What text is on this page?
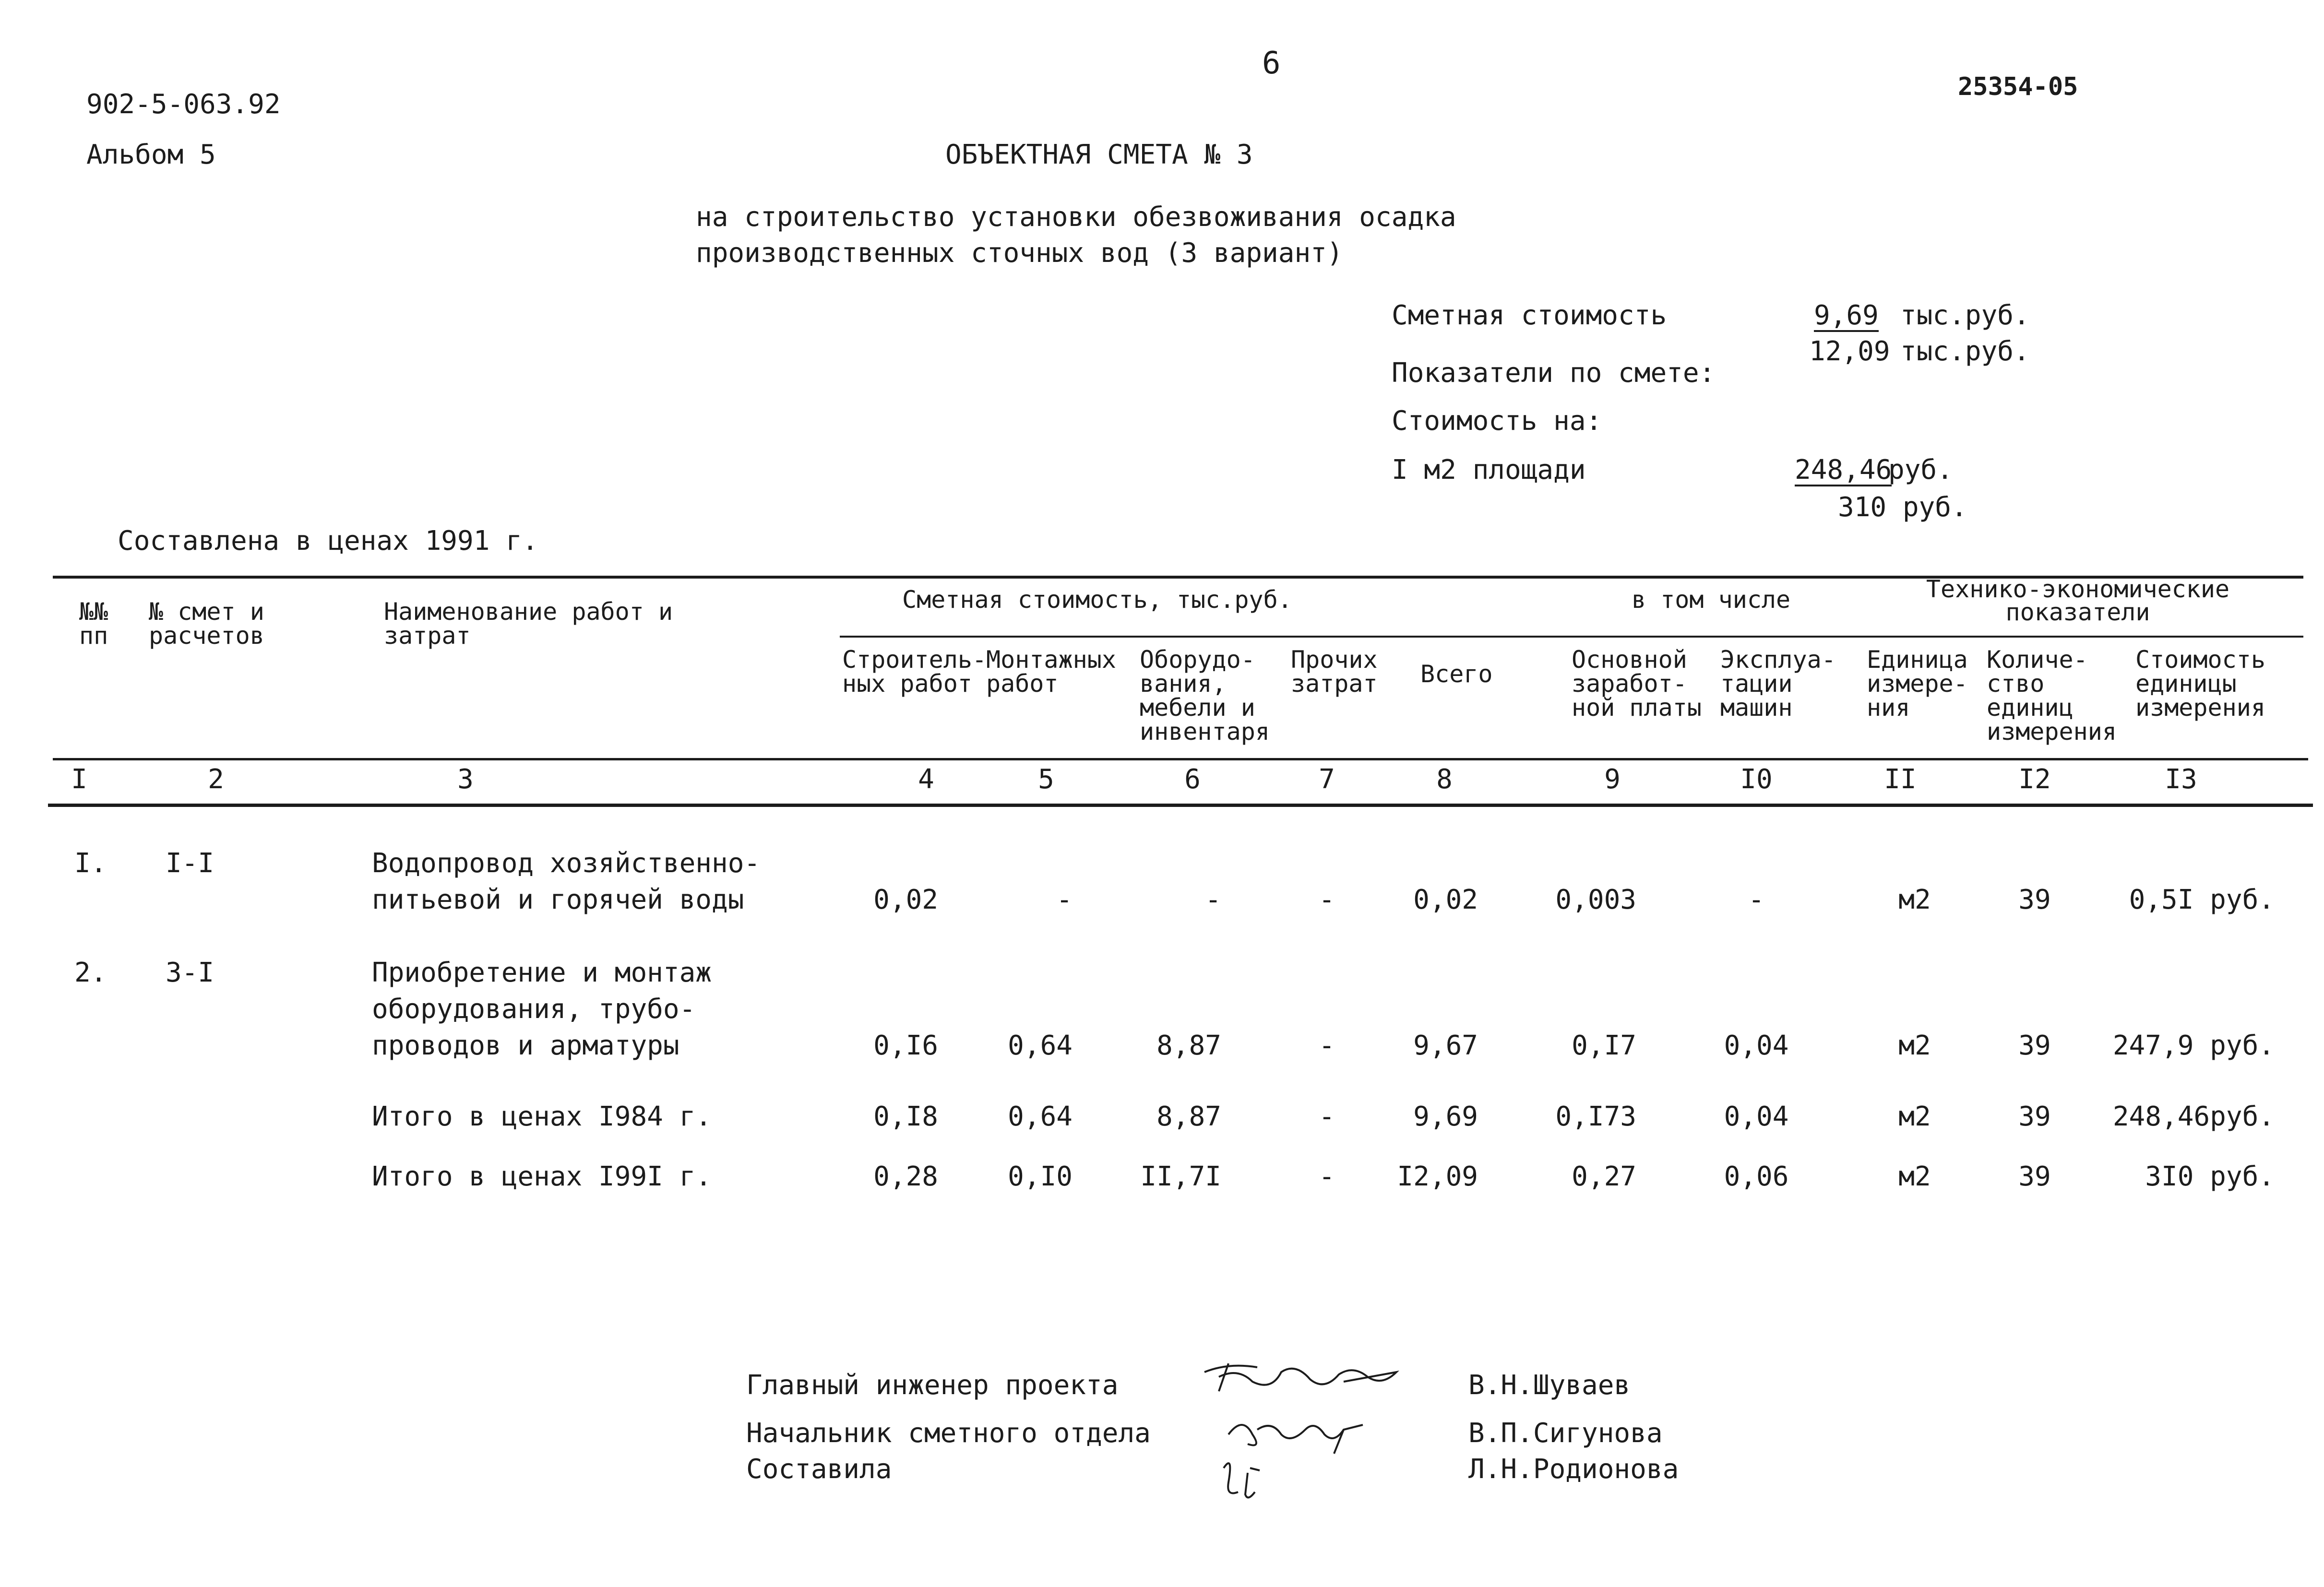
6
902-5-063.92
Альбом 5
25354-05
ОБЪЕКТНАЯ СМЕТА № 3
на строительство установки обезвоживания осадка
производственных сточных вод (3 вариант)
Сметная стоимость	9,69 тыс.руб.
12,09 тыс.руб.
Показатели по смете:
Стоимость на:
I м2 площади	248,46
руб.
310 руб.
Составлена в ценах 1991 г.
№№ пп
№ смет и расчетов
Наименование работ и затрат
Сметная стоимость, тыс.руб.
Строитель-ных работ
Монтажных работ
Оборудо-вания, мебели и инвентаря
Прочих затрат	Всего
в том числе
Основной заработ-ной платы
Эксплуа-тации машин
Технико-экономические показатели
Единица измере-ния
Количе-ство единиц измерения
Стоимость единицы измерения
I	2	3	4	5	6	7	8	9	I0	II	I2	I3
I. I-I	Водопровод хозяйственно-
питьевой и горячей воды	0,02	-	-	-	0,02	0,003	-	м2	39	0,5I руб.
2. 3-I	Приобретение и монтаж
оборудования, трубо-
проводов и арматуры	0,I6	0,64	8,87	-	9,67	0,I7	0,04	м2	39	247,9 руб.
Итого в ценах I984 г.	0,I8	0,64	8,87	-	9,69	0,I73	0,04	м2	39	248,46руб.
Итого в ценах I99I г.	0,28	0,I0	II,7I	-	I2,09	0,27	0,06	м2	39	3I0 руб.
Главный инженер проекта	В.Н.Шуваев
Начальник сметного отдела	В.П.Сигунова
Составила	Л.Н.Родионова
